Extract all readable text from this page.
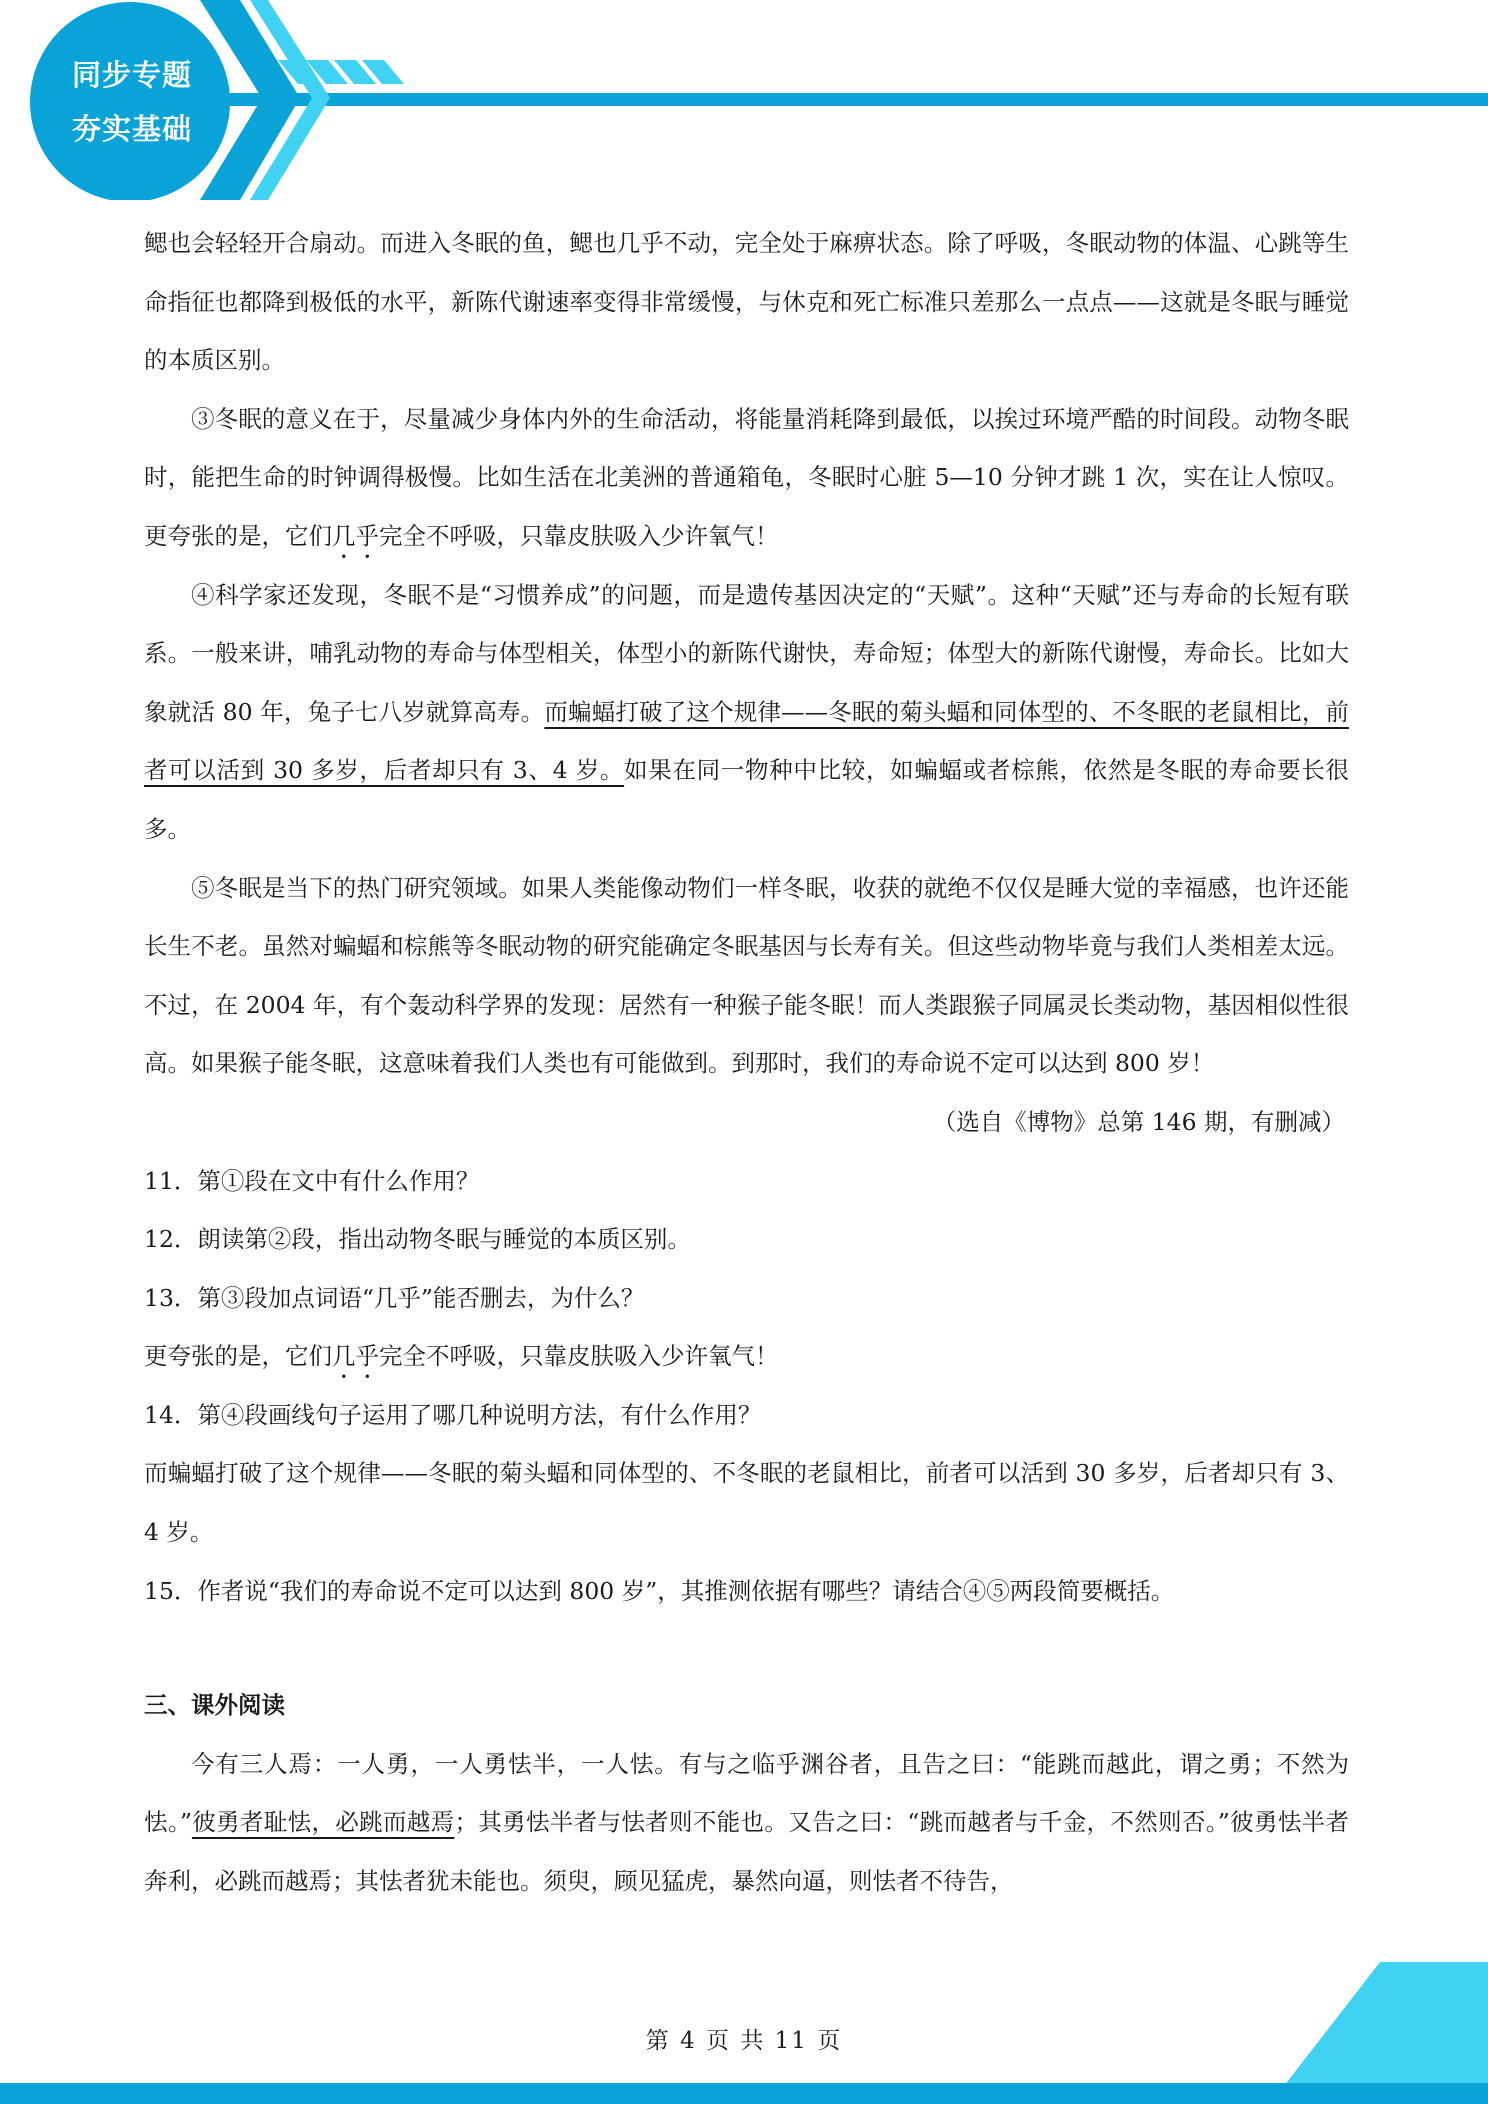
同步专题
夯实基础

鳃也会轻轻开合扇动。而进入冬眠的鱼，鳃也几乎不动，完全处于麻痹状态。除了呼吸，冬眠动物的体温、心跳等生命指征也都降到极低的水平，新陈代谢速率变得非常缓慢，与休克和死亡标准只差那么一点点——这就是冬眠与睡觉的本质区别。

③冬眠的意义在于，尽量减少身体内外的生命活动，将能量消耗降到最低，以挨过环境严酷的时间段。动物冬眠时，能把生命的时钟调得极慢。比如生活在北美洲的普通箱龟，冬眠时心脏 5—10 分钟才跳 1 次，实在让人惊叹。更夸张的是，它们几乎完全不呼吸，只靠皮肤吸入少许氧气！

④科学家还发现，冬眠不是“习惯养成”的问题，而是遗传基因决定的“天赋”。这种“天赋”还与寿命的长短有联系。一般来讲，哺乳动物的寿命与体型相关，体型小的新陈代谢快，寿命短；体型大的新陈代谢慢，寿命长。比如大象就活 80 年，兔子七八岁就算高寿。而蝙蝠打破了这个规律——冬眠的菊头蝠和同体型的、不冬眠的老鼠相比，前者可以活到 30 多岁，后者却只有 3、4 岁。如果在同一物种中比较，如蝙蝠或者棕熊，依然是冬眠的寿命要长很多。

⑤冬眠是当下的热门研究领域。如果人类能像动物们一样冬眠，收获的就绝不仅仅是睡大觉的幸福感，也许还能长生不老。虽然对蝙蝠和棕熊等冬眠动物的研究能确定冬眠基因与长寿有关。但这些动物毕竟与我们人类相差太远。不过，在 2004 年，有个轰动科学界的发现：居然有一种猴子能冬眠！而人类跟猴子同属灵长类动物，基因相似性很高。如果猴子能冬眠，这意味着我们人类也有可能做到。到那时，我们的寿命说不定可以达到 800 岁！

（选自《博物》总第 146 期，有删减）

11．第①段在文中有什么作用？

12．朗读第②段，指出动物冬眠与睡觉的本质区别。

13．第③段加点词语“几乎”能否删去，为什么？

更夸张的是，它们几乎完全不呼吸，只靠皮肤吸入少许氧气！

14．第④段画线句子运用了哪几种说明方法，有什么作用？

而蝙蝠打破了这个规律——冬眠的菊头蝠和同体型的、不冬眠的老鼠相比，前者可以活到 30 多岁，后者却只有 3、4 岁。

15．作者说“我们的寿命说不定可以达到 800 岁”，其推测依据有哪些？请结合④⑤两段简要概括。

三、课外阅读

今有三人焉：一人勇，一人勇怯半，一人怯。有与之临乎渊谷者，且告之曰：“能跳而越此，谓之勇；不然为怯。”彼勇者耻怯，必跳而越焉；其勇怯半者与怯者则不能也。又告之曰：“跳而越者与千金，不然则否。”彼勇怯半者奔利，必跳而越焉；其怯者犹未能也。须臾，顾见猛虎，暴然向逼，则怯者不待告，

第 4 页 共 11 页
